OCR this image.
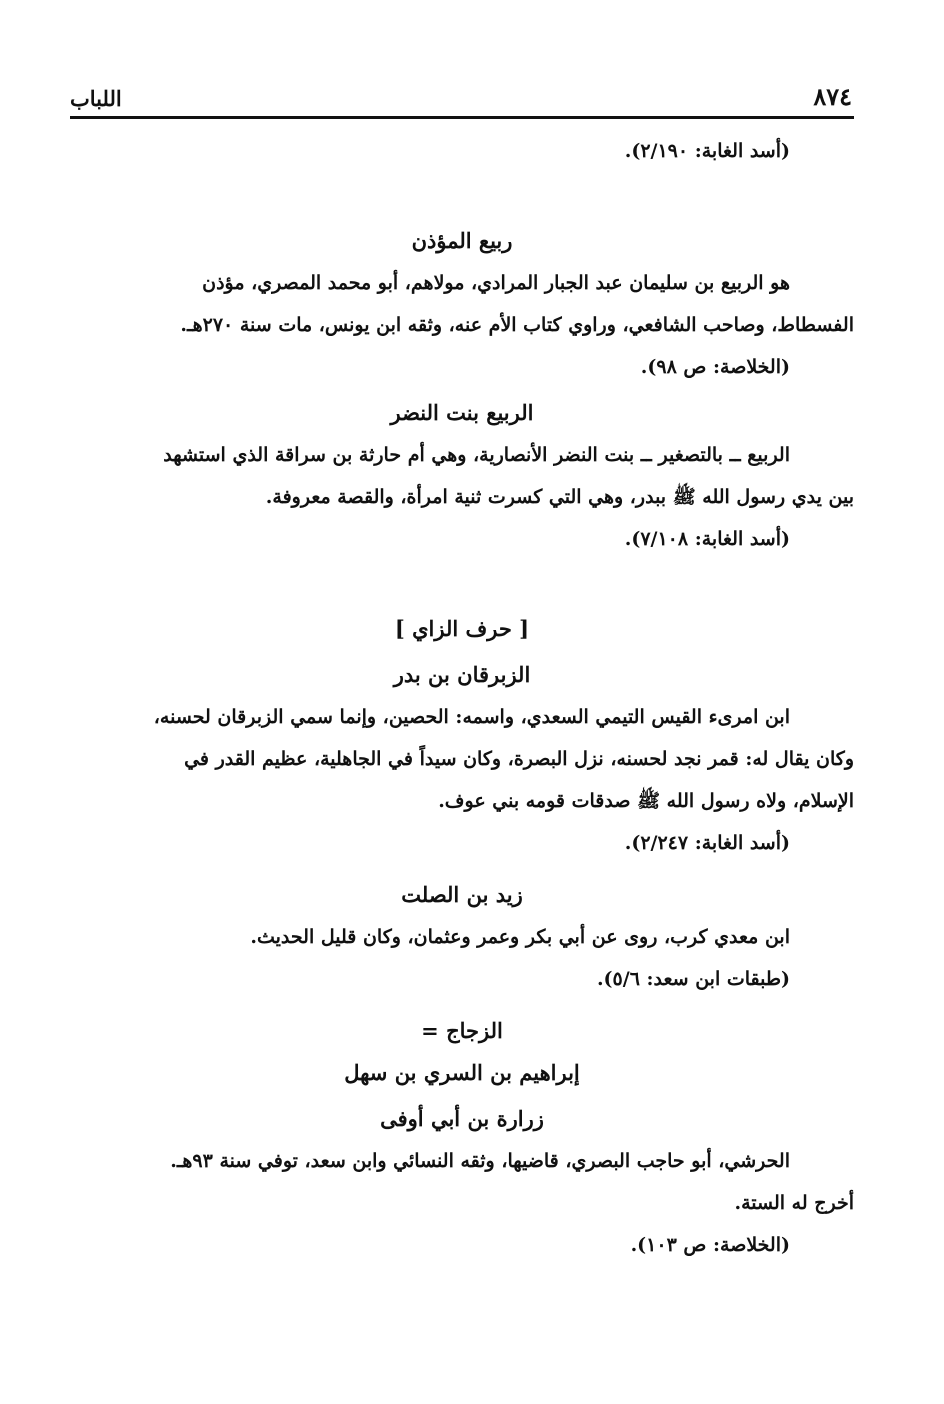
٨٧٤
اللباب
(أسد الغابة: ٢/١٩٠).
ربيع المؤذن
هو الربيع بن سليمان عبد الجبار المرادي، مولاهم، أبو محمد المصري، مؤذن
الفسطاط، وصاحب الشافعي، وراوي كتاب الأم عنه، وثقه ابن يونس، مات سنة ٢٧٠هـ.
(الخلاصة: ص ٩٨).
الربيع بنت النضر
الربيع ــ بالتصغير ــ بنت النضر الأنصارية، وهي أم حارثة بن سراقة الذي استشهد
بين يدي رسول الله ﷺ ببدر، وهي التي كسرت ثنية امرأة، والقصة معروفة.
(أسد الغابة: ٧/١٠٨).
[ حرف الزاي ]
الزبرقان بن بدر
ابن امرىء القيس التيمي السعدي، واسمه: الحصين، وإنما سمي الزبرقان لحسنه،
وكان يقال له: قمر نجد لحسنه، نزل البصرة، وكان سيداً في الجاهلية، عظيم القدر في
الإسلام، ولاه رسول الله ﷺ صدقات قومه بني عوف.
(أسد الغابة: ٢/٢٤٧).
زيد بن الصلت
ابن معدي كرب، روى عن أبي بكر وعمر وعثمان، وكان قليل الحديث.
(طبقات ابن سعد: ٥/٦).
الزجاج =
إبراهيم بن السري بن سهل
زرارة بن أبي أوفى
الحرشي، أبو حاجب البصري، قاضيها، وثقه النسائي وابن سعد، توفي سنة ٩٣هـ.
أخرج له الستة.
(الخلاصة: ص ١٠٣).
